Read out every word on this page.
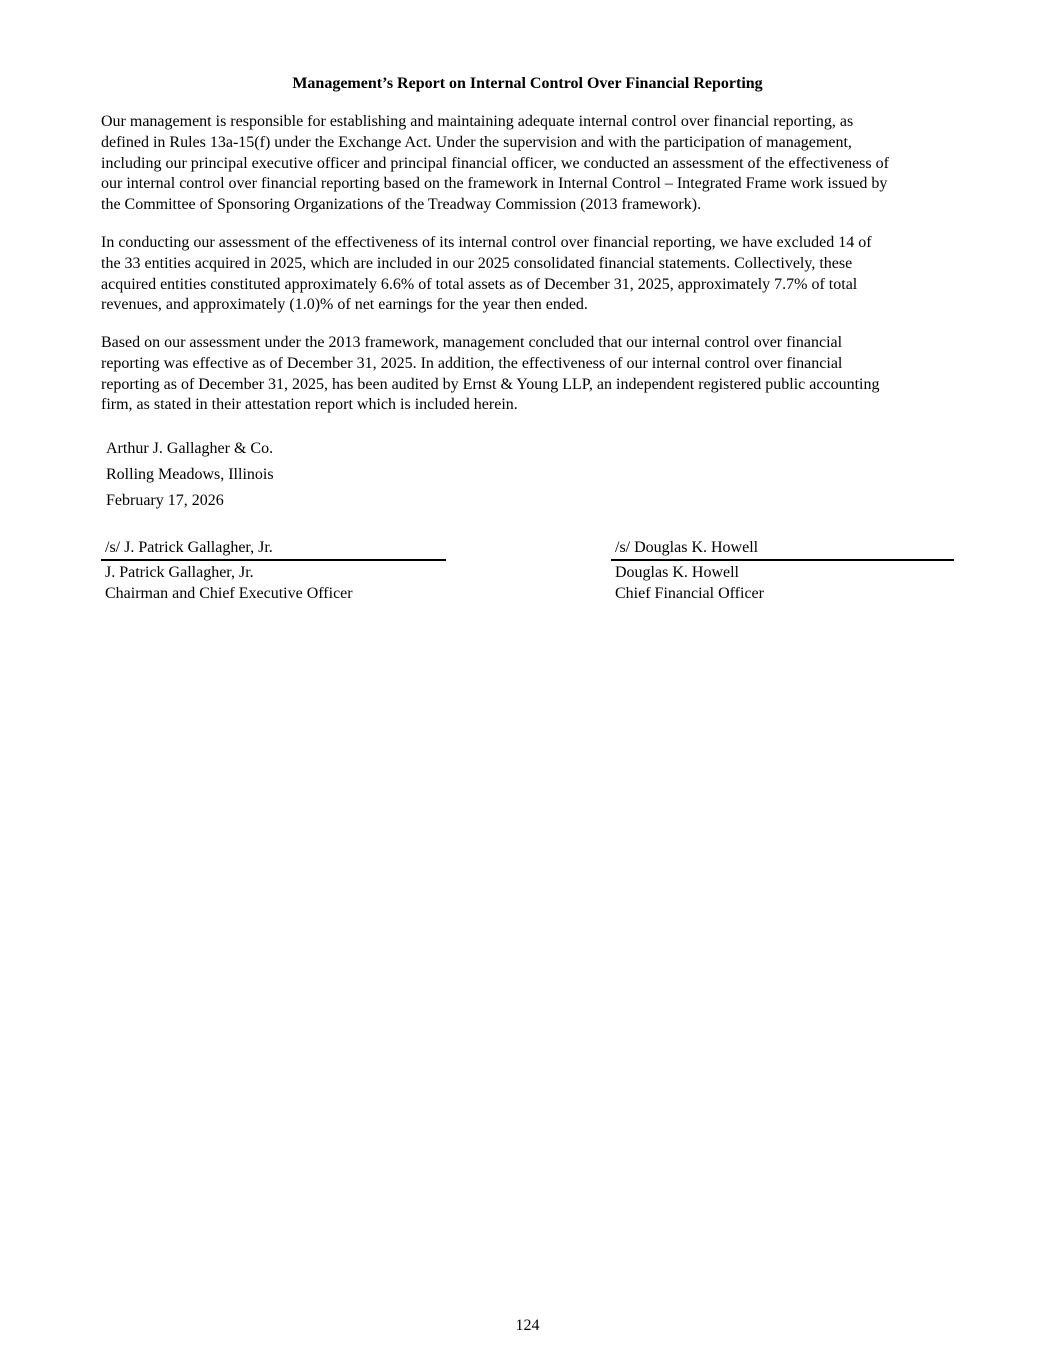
Management’s Report on Internal Control Over Financial Reporting

Our management is responsible for establishing and maintaining adequate internal control over financial reporting, as
defined in Rules 13a-15(f) under the Exchange Act. Under the supervision and with the participation of management,
including our principal executive officer and principal financial officer, we conducted an assessment of the effectiveness of
our internal control over financial reporting based on the framework in Internal Control – Integrated Frame work issued by
the Committee of Sponsoring Organizations of the Treadway Commission (2013 framework).

In conducting our assessment of the effectiveness of its internal control over financial reporting, we have excluded 14 of
the 33 entities acquired in 2025, which are included in our 2025 consolidated financial statements. Collectively, these
acquired entities constituted approximately 6.6% of total assets as of December 31, 2025, approximately 7.7% of total
revenues, and approximately (1.0)% of net earnings for the year then ended.

Based on our assessment under the 2013 framework, management concluded that our internal control over financial
reporting was effective as of December 31, 2025. In addition, the effectiveness of our internal control over financial
reporting as of December 31, 2025, has been audited by Ernst & Young LLP, an independent registered public accounting
firm, as stated in their attestation report which is included herein.

Arthur J. Gallagher & Co.

Rolling Meadows, Illinois

February 17, 2026

/s/ J. Patrick Gallagher, Jr.
J. Patrick Gallagher, Jr.
Chairman and Chief Executive Officer
/s/ Douglas K. Howell
Douglas K. Howell
Chief Financial Officer

124
